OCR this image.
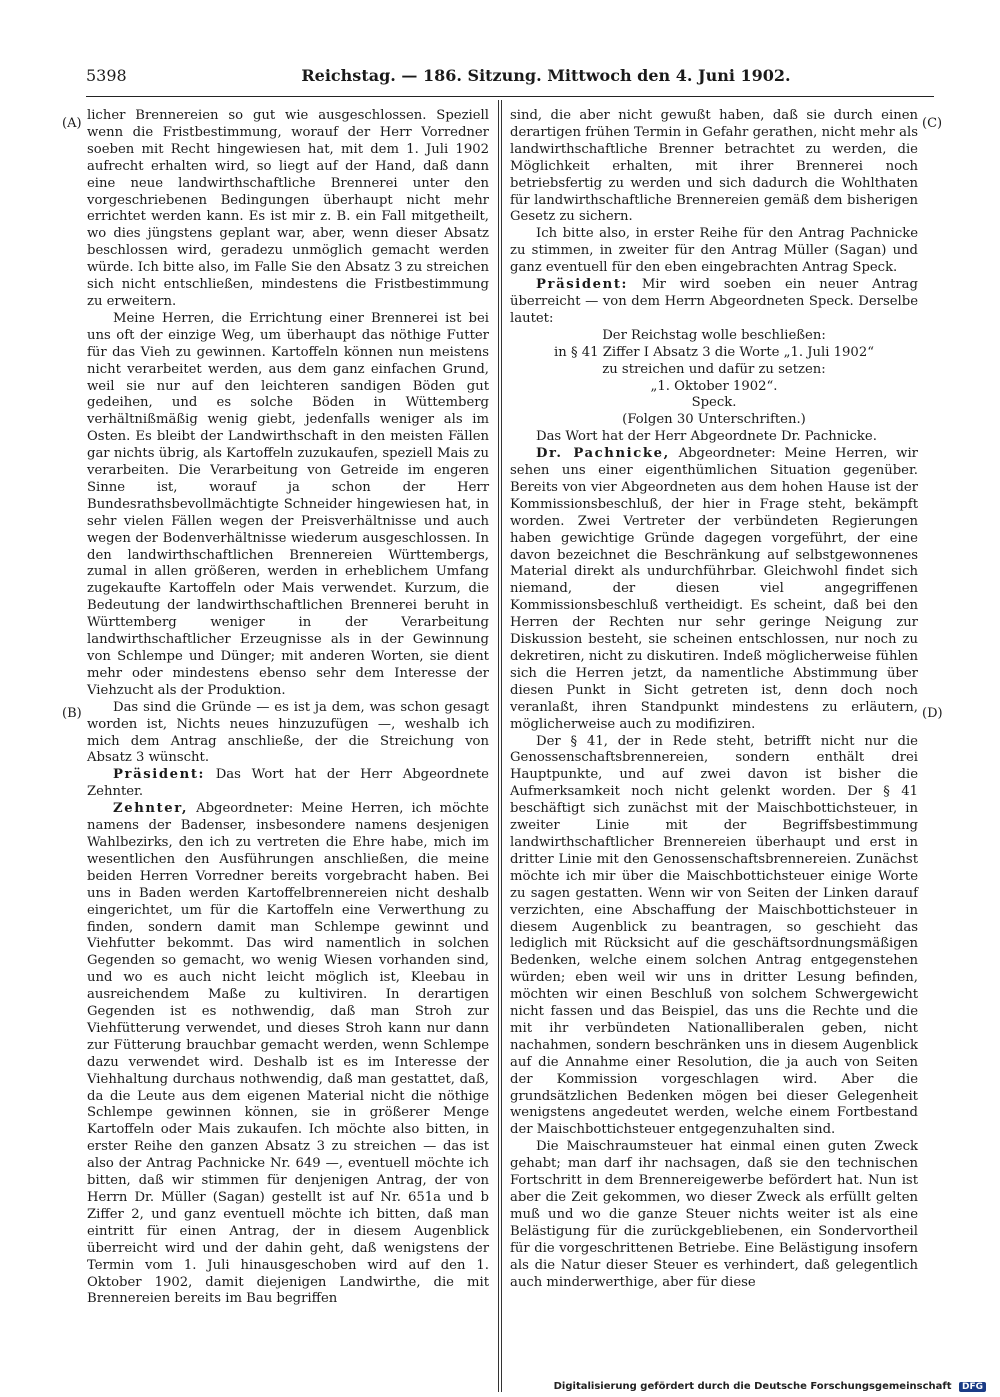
5398	Reichstag. — 186. Sitzung. Mittwoch den 4. Juni 1902.
(A)
(B)
(C)
(D)

licher Brennereien so gut wie ausgeschlossen. Speziell wenn die Fristbestimmung, worauf der Herr Vorredner soeben mit Recht hingewiesen hat, mit dem 1. Juli 1902 aufrecht erhalten wird, so liegt auf der Hand, daß dann eine neue landwirthschaftliche Brennerei unter den vorgeschriebenen Bedingungen überhaupt nicht mehr errichtet werden kann. Es ist mir z. B. ein Fall mitgetheilt, wo dies jüngstens geplant war, aber, wenn dieser Absatz beschlossen wird, geradezu unmöglich gemacht werden würde. Ich bitte also, im Falle Sie den Absatz 3 zu streichen sich nicht entschließen, mindestens die Fristbestimmung zu erweitern.

Meine Herren, die Errichtung einer Brennerei ist bei uns oft der einzige Weg, um überhaupt das nöthige Futter für das Vieh zu gewinnen. Kartoffeln können nun meistens nicht verarbeitet werden, aus dem ganz einfachen Grund, weil sie nur auf den leichteren sandigen Böden gut gedeihen, und es solche Böden in Wüttemberg verhältnißmäßig wenig giebt, jedenfalls weniger als im Osten. Es bleibt der Landwirthschaft in den meisten Fällen gar nichts übrig, als Kartoffeln zuzukaufen, speziell Mais zu verarbeiten. Die Verarbeitung von Getreide im engeren Sinne ist, worauf ja schon der Herr Bundesrathsbevollmächtigte Schneider hingewiesen hat, in sehr vielen Fällen wegen der Preisverhältnisse und auch wegen der Bodenverhältnisse wiederum ausgeschlossen. In den landwirthschaftlichen Brennereien Württembergs, zumal in allen größeren, werden in erheblichem Umfang zugekaufte Kartoffeln oder Mais verwendet. Kurzum, die Bedeutung der landwirthschaftlichen Brennerei beruht in Württemberg weniger in der Verarbeitung landwirthschaftlicher Erzeugnisse als in der Gewinnung von Schlempe und Dünger; mit anderen Worten, sie dient mehr oder mindestens ebenso sehr dem Interesse der Viehzucht als der Produktion.

Das sind die Gründe — es ist ja dem, was schon gesagt worden ist, Nichts neues hinzuzufügen —, weshalb ich mich dem Antrag anschließe, der die Streichung von Absatz 3 wünscht.

Präsident: Das Wort hat der Herr Abgeordnete Zehnter.

Zehnter, Abgeordneter: Meine Herren, ich möchte namens der Badenser, insbesondere namens desjenigen Wahlbezirks, den ich zu vertreten die Ehre habe, mich im wesentlichen den Ausführungen anschließen, die meine beiden Herren Vorredner bereits vorgebracht haben. Bei uns in Baden werden Kartoffelbrennereien nicht deshalb eingerichtet, um für die Kartoffeln eine Verwerthung zu finden, sondern damit man Schlempe gewinnt und Viehfutter bekommt. Das wird namentlich in solchen Gegenden so gemacht, wo wenig Wiesen vorhanden sind, und wo es auch nicht leicht möglich ist, Kleebau in ausreichendem Maße zu kultiviren. In derartigen Gegenden ist es nothwendig, daß man Stroh zur Viehfütterung verwendet, und dieses Stroh kann nur dann zur Fütterung brauchbar gemacht werden, wenn Schlempe dazu verwendet wird. Deshalb ist es im Interesse der Viehhaltung durchaus nothwendig, daß man gestattet, daß, da die Leute aus dem eigenen Material nicht die nöthige Schlempe gewinnen können, sie in größerer Menge Kartoffeln oder Mais zukaufen. Ich möchte also bitten, in erster Reihe den ganzen Absatz 3 zu streichen — das ist also der Antrag Pachnicke Nr. 649 —, eventuell möchte ich bitten, daß wir stimmen für denjenigen Antrag, der von Herrn Dr. Müller (Sagan) gestellt ist auf Nr. 651a und b Ziffer 2, und ganz eventuell möchte ich bitten, daß man eintritt für einen Antrag, der in diesem Augenblick überreicht wird und der dahin geht, daß wenigstens der Termin vom 1. Juli hinausgeschoben wird auf den 1. Oktober 1902, damit diejenigen Landwirthe, die mit Brennereien bereits im Bau begriffen

sind, die aber nicht gewußt haben, daß sie durch einen derartigen frühen Termin in Gefahr gerathen, nicht mehr als landwirthschaftliche Brenner betrachtet zu werden, die Möglichkeit erhalten, mit ihrer Brennerei noch betriebsfertig zu werden und sich dadurch die Wohlthaten für landwirthschaftliche Brennereien gemäß dem bisherigen Gesetz zu sichern.

Ich bitte also, in erster Reihe für den Antrag Pachnicke zu stimmen, in zweiter für den Antrag Müller (Sagan) und ganz eventuell für den eben eingebrachten Antrag Speck.

Präsident: Mir wird soeben ein neuer Antrag überreicht — von dem Herrn Abgeordneten Speck. Derselbe lautet:

Der Reichstag wolle beschließen:

in § 41 Ziffer I Absatz 3 die Worte „1. Juli 1902“

zu streichen und dafür zu setzen:

„1. Oktober 1902“.

Speck.

(Folgen 30 Unterschriften.)

Das Wort hat der Herr Abgeordnete Dr. Pachnicke.

Dr. Pachnicke, Abgeordneter: Meine Herren, wir sehen uns einer eigenthümlichen Situation gegenüber. Bereits von vier Abgeordneten aus dem hohen Hause ist der Kommissionsbeschluß, der hier in Frage steht, bekämpft worden. Zwei Vertreter der verbündeten Regierungen haben gewichtige Gründe dagegen vorgeführt, der eine davon bezeichnet die Beschränkung auf selbstgewonnenes Material direkt als undurchführbar. Gleichwohl findet sich niemand, der diesen viel angegriffenen Kommissionsbeschluß vertheidigt. Es scheint, daß bei den Herren der Rechten nur sehr geringe Neigung zur Diskussion besteht, sie scheinen entschlossen, nur noch zu dekretiren, nicht zu diskutiren. Indeß möglicherweise fühlen sich die Herren jetzt, da namentliche Abstimmung über diesen Punkt in Sicht getreten ist, denn doch noch veranlaßt, ihren Standpunkt mindestens zu erläutern, möglicherweise auch zu modifiziren.

Der § 41, der in Rede steht, betrifft nicht nur die Genossenschaftsbrennereien, sondern enthält drei Hauptpunkte, und auf zwei davon ist bisher die Aufmerksamkeit noch nicht gelenkt worden. Der § 41 beschäftigt sich zunächst mit der Maischbottichsteuer, in zweiter Linie mit der Begriffsbestimmung landwirthschaftlicher Brennereien überhaupt und erst in dritter Linie mit den Genossenschaftsbrennereien. Zunächst möchte ich mir über die Maischbottichsteuer einige Worte zu sagen gestatten. Wenn wir von Seiten der Linken darauf verzichten, eine Abschaffung der Maischbottichsteuer in diesem Augenblick zu beantragen, so geschieht das lediglich mit Rücksicht auf die geschäftsordnungsmäßigen Bedenken, welche einem solchen Antrag entgegenstehen würden; eben weil wir uns in dritter Lesung befinden, möchten wir einen Beschluß von solchem Schwergewicht nicht fassen und das Beispiel, das uns die Rechte und die mit ihr verbündeten Nationalliberalen geben, nicht nachahmen, sondern beschränken uns in diesem Augenblick auf die Annahme einer Resolution, die ja auch von Seiten der Kommission vorgeschlagen wird. Aber die grundsätzlichen Bedenken mögen bei dieser Gelegenheit wenigstens angedeutet werden, welche einem Fortbestand der Maischbottichsteuer entgegenzuhalten sind.

Die Maischraumsteuer hat einmal einen guten Zweck gehabt; man darf ihr nachsagen, daß sie den technischen Fortschritt in dem Brennereigewerbe befördert hat. Nun ist aber die Zeit gekommen, wo dieser Zweck als erfüllt gelten muß und wo die ganze Steuer nichts weiter ist als eine Belästigung für die zurückgebliebenen, ein Sondervortheil für die vorgeschrittenen Betriebe. Eine Belästigung insofern als die Natur dieser Steuer es verhindert, daß gelegentlich auch minderwerthige, aber für diese

Digitalisierung gefördert durch die Deutsche Forschungsgemeinschaft DFG
